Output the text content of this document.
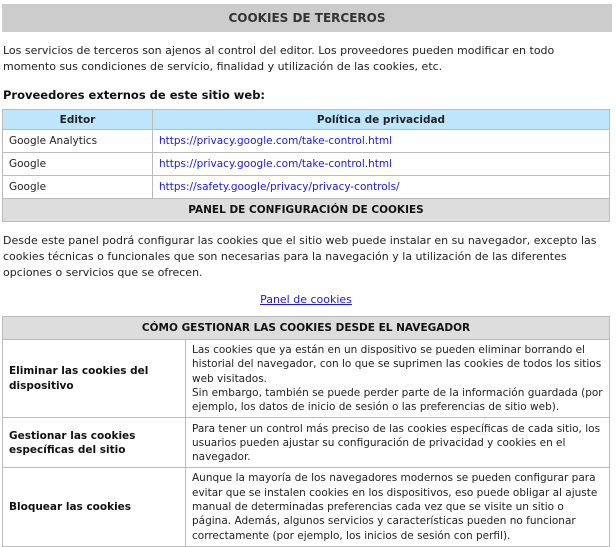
COOKIES DE TERCEROS

Los servicios de terceros son ajenos al control del editor. Los proveedores pueden modificar en todo momento sus condiciones de servicio, finalidad y utilización de las cookies, etc.

Proveedores externos de este sitio web:
Editor	Política de privacidad
Google Analytics	https://privacy.google.com/take-control.html
Google	https://privacy.google.com/take-control.html
Google	https://safety.google/privacy/privacy-controls/
PANEL DE CONFIGURACIÓN DE COOKIES	

Desde este panel podrá configurar las cookies que el sitio web puede instalar en su navegador, excepto las cookies técnicas o funcionales que son necesarias para la navegación y la utilización de las diferentes opciones o servicios que se ofrecen.

Panel de cookies
CÓMO GESTIONAR LAS COOKIES DESDE EL NAVEGADOR	
Eliminar las cookies del dispositivo	Las cookies que ya están en un dispositivo se pueden eliminar borrando el historial del navegador, con lo que se suprimen las cookies de todos los sitios web visitados.
Sin embargo, también se puede perder parte de la información guardada (por ejemplo, los datos de inicio de sesión o las preferencias de sitio web).

Gestionar las cookies específicas del sitio	Para tener un control más preciso de las cookies específicas de cada sitio, los usuarios pueden ajustar su configuración de privacidad y cookies en el navegador.

Bloquear las cookies	Aunque la mayoría de los navegadores modernos se pueden configurar para evitar que se instalen cookies en los dispositivos, eso puede obligar al ajuste manual de determinadas preferencias cada vez que se visite un sitio o página. Además, algunos servicios y características pueden no funcionar correctamente (por ejemplo, los inicios de sesión con perfil).
